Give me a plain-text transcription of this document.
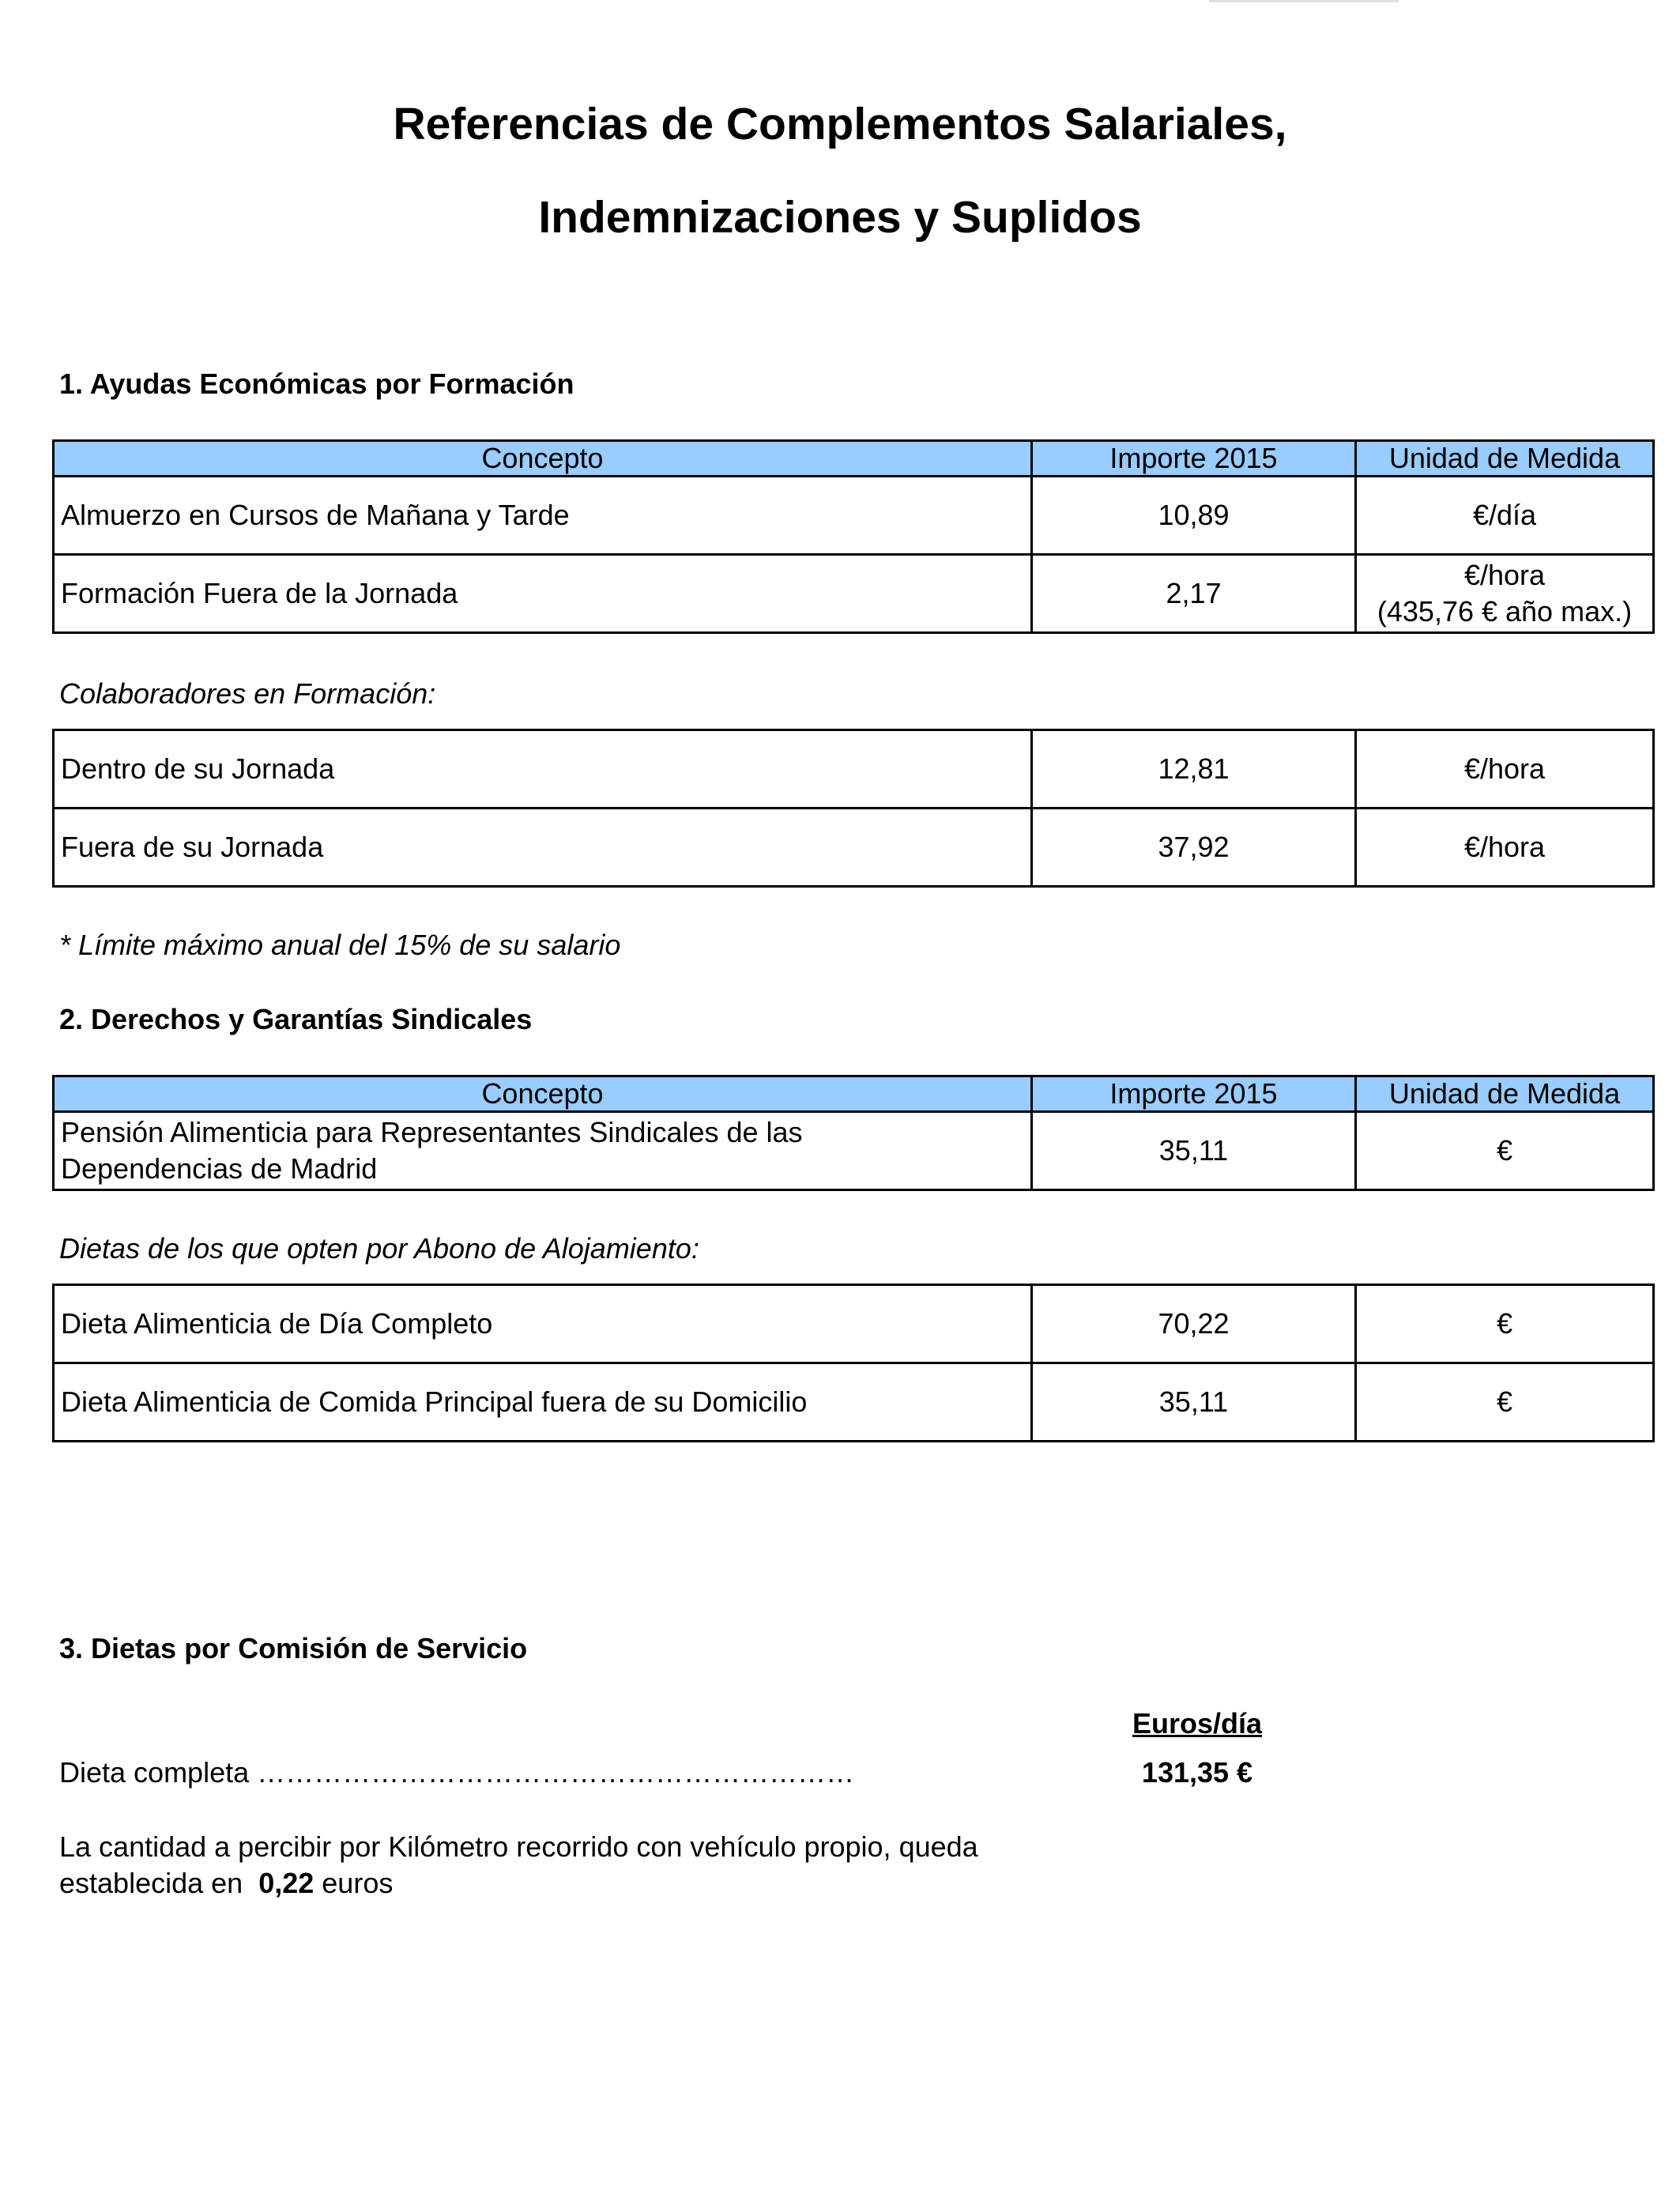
Referencias de Complementos Salariales,
Indemnizaciones y Suplidos
1. Ayudas Económicas por Formación
Concepto	Importe 2015	Unidad de Medida
Almuerzo en Cursos de Mañana y Tarde	10,89	€/día
Formación Fuera de la Jornada	2,17	€/hora
(435,76 € año max.)
Colaboradores en Formación:
Dentro de su Jornada	12,81	€/hora
Fuera de su Jornada	37,92	€/hora
* Límite máximo anual del 15% de su salario
2. Derechos y Garantías Sindicales
Concepto	Importe 2015	Unidad de Medida

Pensión Alimenticia para Representantes Sindicales de las
Dependencias de Madrid	35,11	€
Dietas de los que opten por Abono de Alojamiento:
Dieta Alimenticia de Día Completo	70,22	€
Dieta Alimenticia de Comida Principal fuera de su Domicilio	35,11	€
3. Dietas por Comisión de Servicio
Euros/día
Dieta completa ………………………………………………………	131,35 €
La cantidad a percibir por Kilómetro recorrido con vehículo propio, queda
establecida en  0,22 euros
